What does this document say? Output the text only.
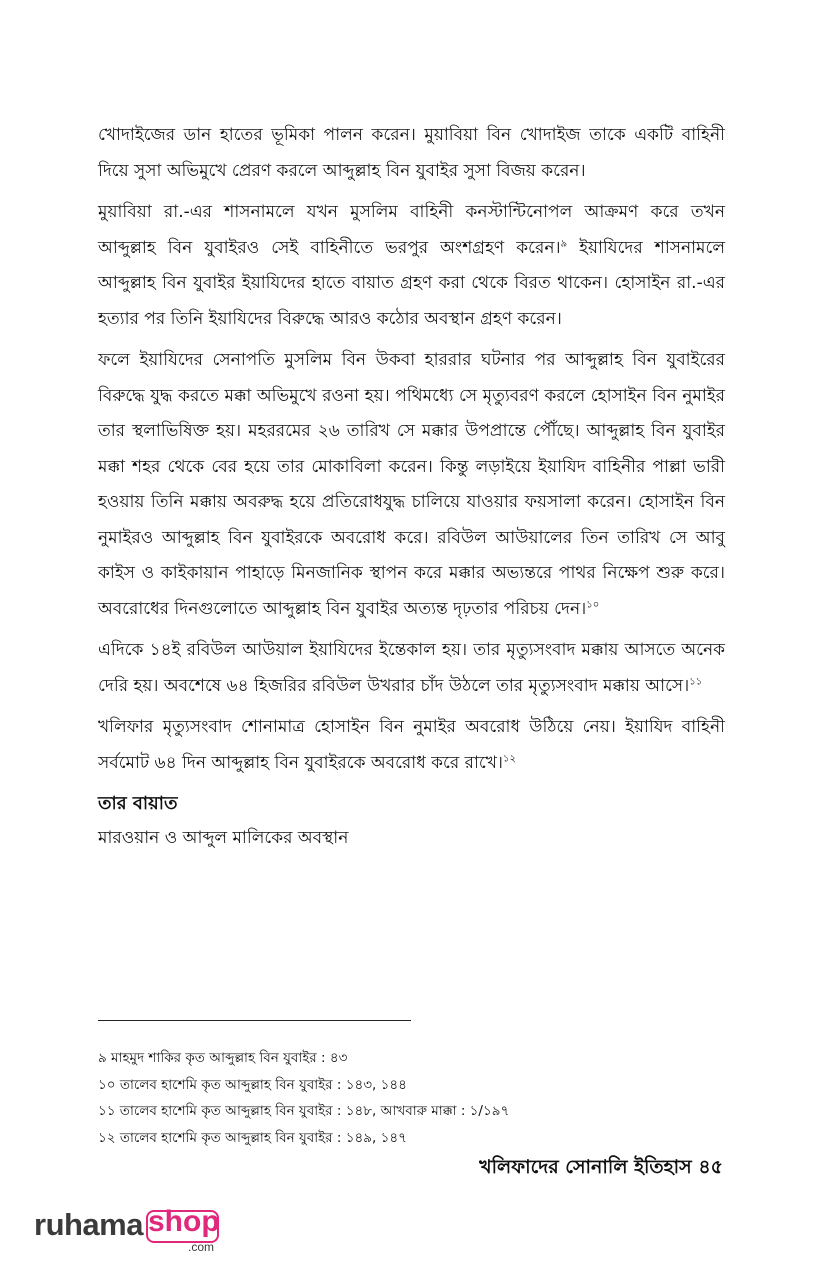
খোদাইজের ডান হাতের ভূমিকা পালন করেন। মুয়াবিয়া বিন খোদাইজ তাকে একটি বাহিনী দিয়ে সুসা অভিমুখে প্রেরণ করলে আব্দুল্লাহ বিন যুবাইর সুসা বিজয় করেন।

মুয়াবিয়া রা.-এর শাসনামলে যখন মুসলিম বাহিনী কনস্টান্টিনোপল আক্রমণ করে তখন আব্দুল্লাহ বিন যুবাইরও সেই বাহিনীতে ভরপুর অংশগ্রহণ করেন।$^৯$ ইয়াযিদের শাসনামলে আব্দুল্লাহ বিন যুবাইর ইয়াযিদের হাতে বায়াত গ্রহণ করা থেকে বিরত থাকেন। হোসাইন রা.-এর হত্যার পর তিনি ইয়াযিদের বিরুদ্ধে আরও কঠোর অবস্থান গ্রহণ করেন।

ফলে ইয়াযিদের সেনাপতি মুসলিম বিন উকবা হাররার ঘটনার পর আব্দুল্লাহ বিন যুবাইরের বিরুদ্ধে যুদ্ধ করতে মক্কা অভিমুখে রওনা হয়। পথিমধ্যে সে মৃত্যুবরণ করলে হোসাইন বিন নুমাইর তার স্থলাভিষিক্ত হয়। মহররমের ২৬ তারিখ সে মক্কার উপপ্রান্তে পৌঁছে। আব্দুল্লাহ বিন যুবাইর মক্কা শহর থেকে বের হয়ে তার মোকাবিলা করেন। কিন্তু লড়াইয়ে ইয়াযিদ বাহিনীর পাল্লা ভারী হওয়ায় তিনি মক্কায় অবরুদ্ধ হয়ে প্রতিরোধযুদ্ধ চালিয়ে যাওয়ার ফয়সালা করেন। হোসাইন বিন নুমাইরও আব্দুল্লাহ বিন যুবাইরকে অবরোধ করে। রবিউল আউয়ালের তিন তারিখ সে আবু কাইস ও কাইকায়ান পাহাড়ে মিনজানিক স্থাপন করে মক্কার অভ্যন্তরে পাথর নিক্ষেপ শুরু করে। অবরোধের দিনগুলোতে আব্দুল্লাহ বিন যুবাইর অত্যন্ত দৃঢ়তার পরিচয় দেন।$^{১০}$

এদিকে ১৪ই রবিউল আউয়াল ইয়াযিদের ইন্তেকাল হয়। তার মৃত্যুসংবাদ মক্কায় আসতে অনেক দেরি হয়। অবশেষে ৬৪ হিজরির রবিউল উখরার চাঁদ উঠলে তার মৃত্যুসংবাদ মক্কায় আসে।$^{১১}$

খলিফার মৃত্যুসংবাদ শোনামাত্র হোসাইন বিন নুমাইর অবরোধ উঠিয়ে নেয়। ইয়াযিদ বাহিনী সর্বমোট ৬৪ দিন আব্দুল্লাহ বিন যুবাইরকে অবরোধ করে রাখে।$^{১২}$

তার বায়াত

মারওয়ান ও আব্দুল মালিকের অবস্থান

৯ মাহমুদ শাকির কৃত আব্দুল্লাহ বিন যুবাইর : ৪৩

১০ তালেব হাশেমি কৃত আব্দুল্লাহ বিন যুবাইর : ১৪৩, ১৪৪

১১ তালেব হাশেমি কৃত আব্দুল্লাহ বিন যুবাইর : ১৪৮, আখবারু মাক্কা : ১/১৯৭

১২ তালেব হাশেমি কৃত আব্দুল্লাহ বিন যুবাইর : ১৪৯, ১৪৭

খলিফাদের সোনালি ইতিহাস ৪৫
ruhama shop
.com
